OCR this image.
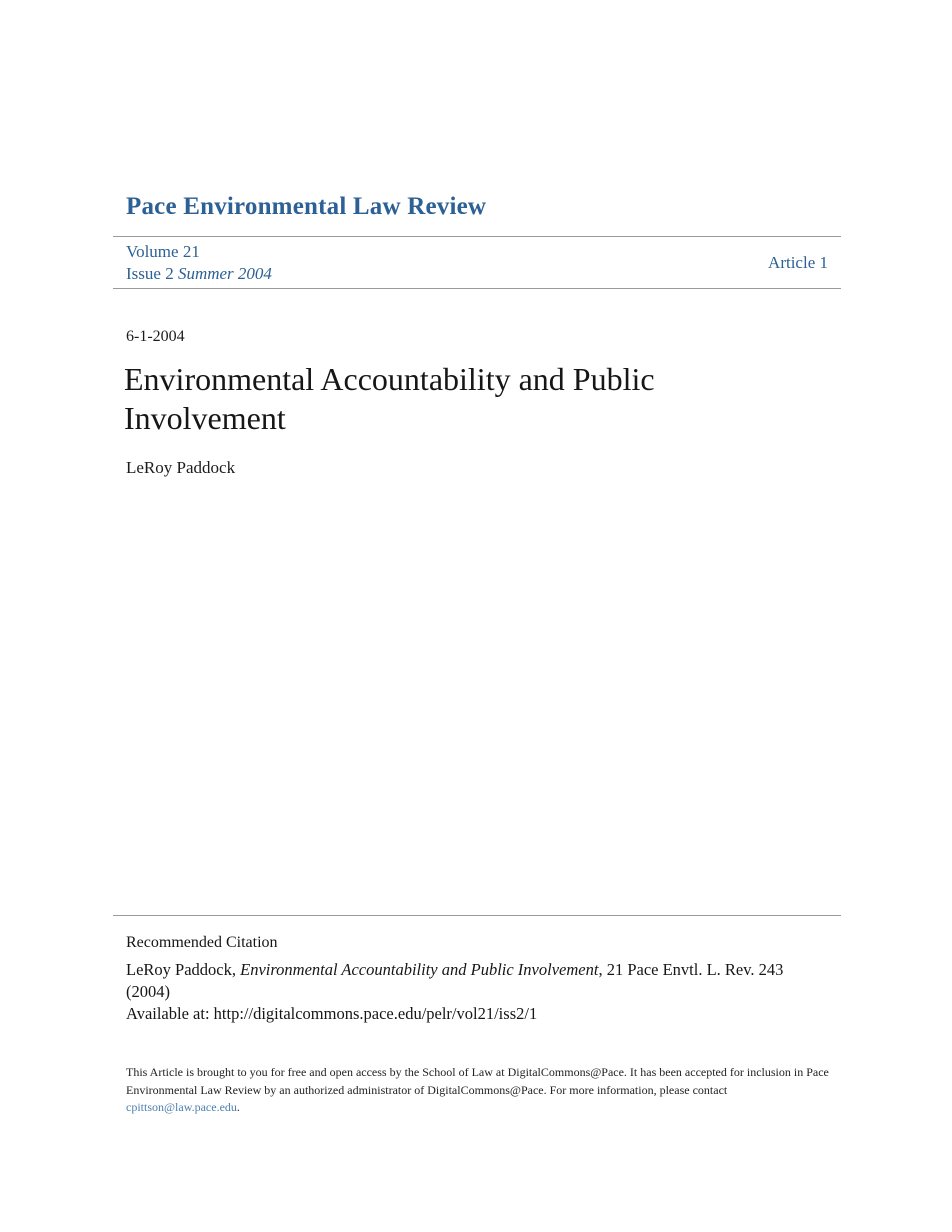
Pace Environmental Law Review
Volume 21
Issue 2 Summer 2004
Article 1
6-1-2004
Environmental Accountability and Public Involvement
LeRoy Paddock
Recommended Citation
LeRoy Paddock, Environmental Accountability and Public Involvement, 21 Pace Envtl. L. Rev. 243 (2004)
Available at: http://digitalcommons.pace.edu/pelr/vol21/iss2/1
This Article is brought to you for free and open access by the School of Law at DigitalCommons@Pace. It has been accepted for inclusion in Pace Environmental Law Review by an authorized administrator of DigitalCommons@Pace. For more information, please contact cpittson@law.pace.edu.
